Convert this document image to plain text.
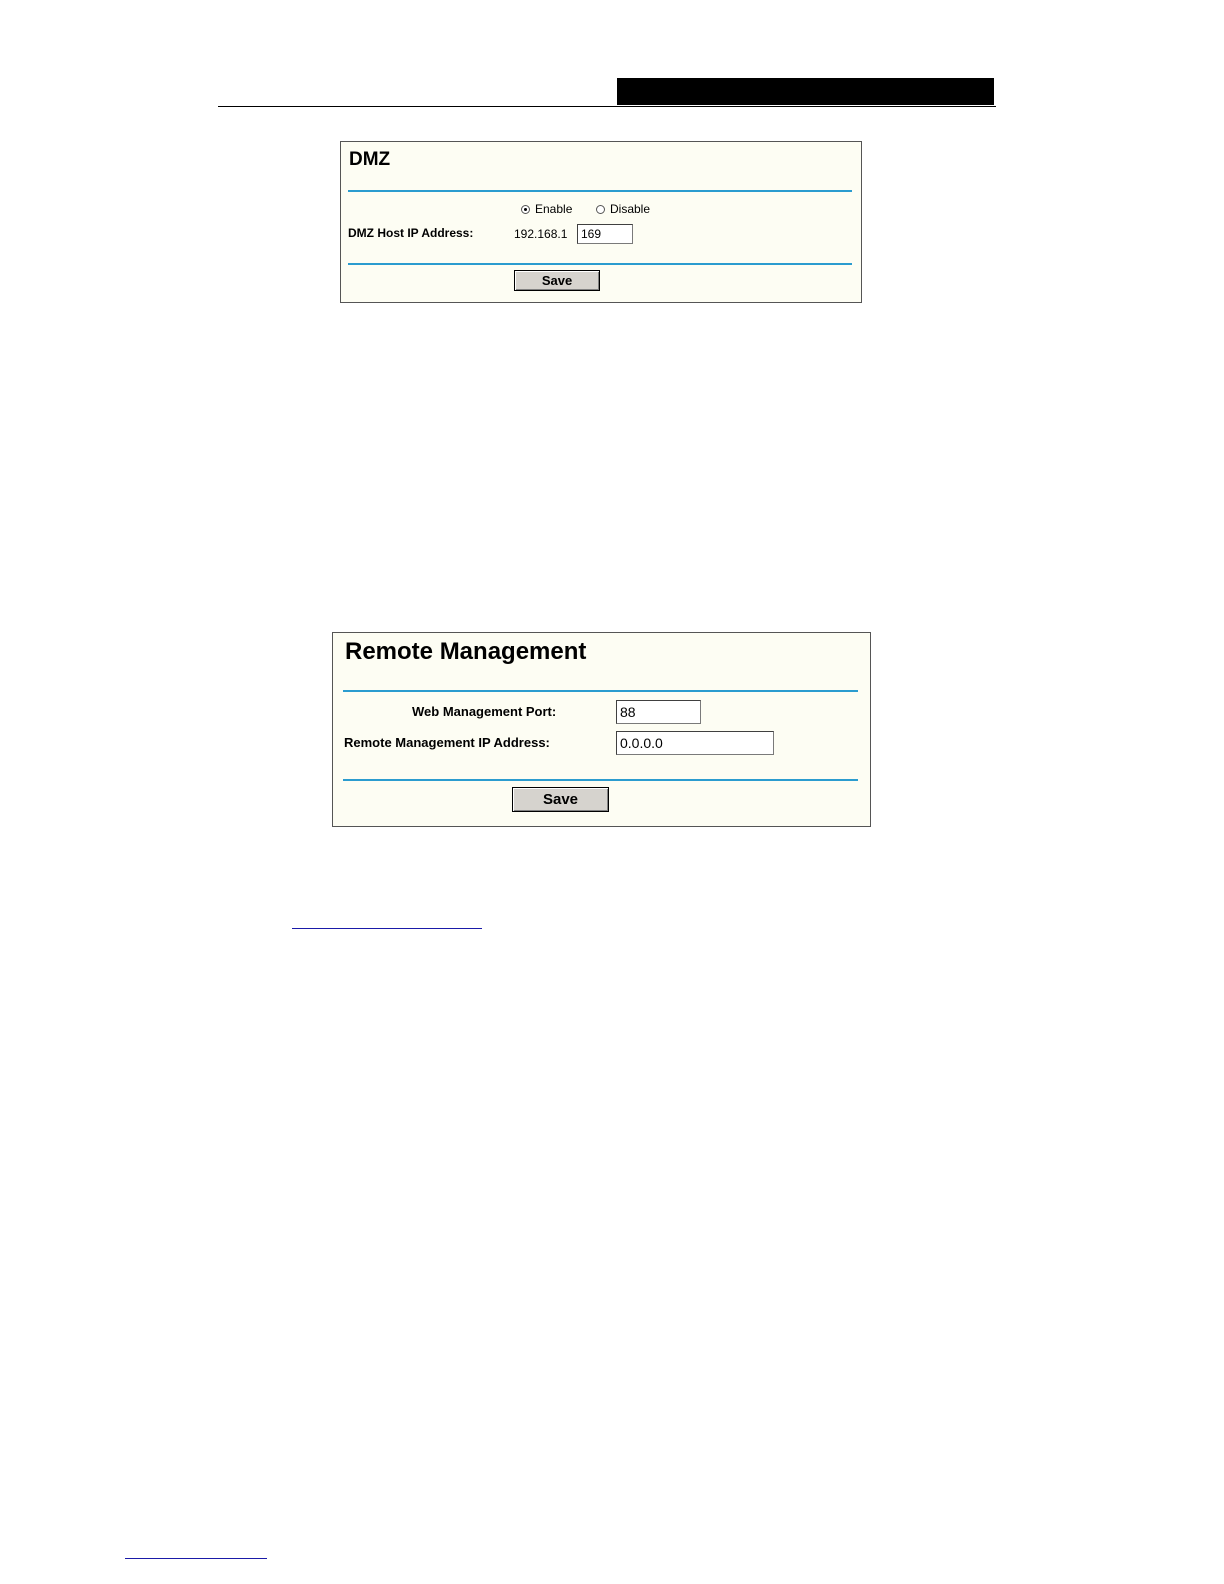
DMZ
Enable	Disable
DMZ Host IP Address:	192.168.1
169
Save
Remote Management
Web Management Port:
88
Remote Management IP Address:
0.0.0.0
Save
